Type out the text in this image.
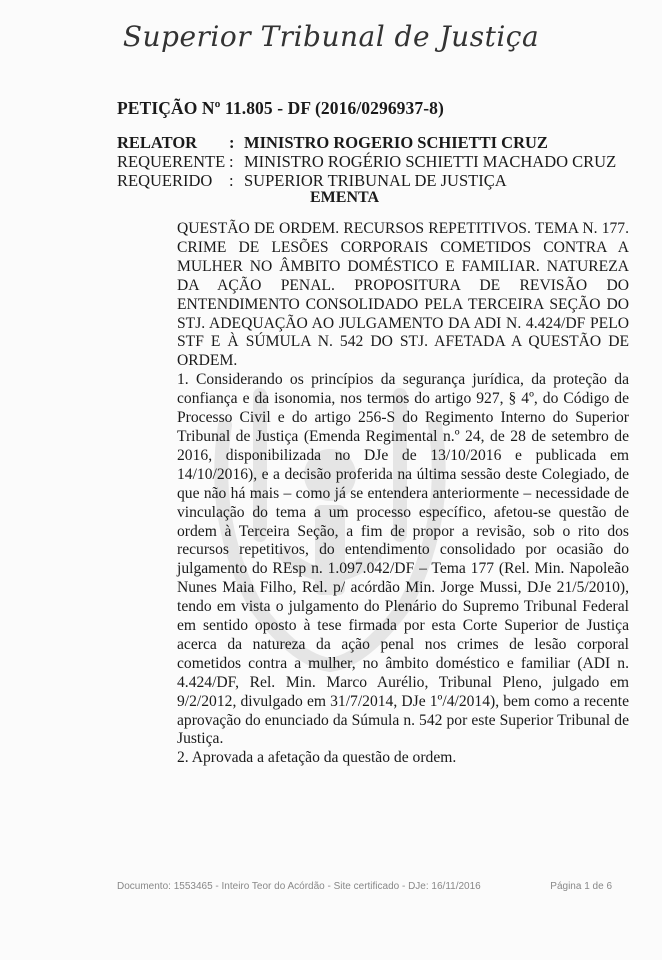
Superior Tribunal de Justiça
PETIÇÃO Nº 11.805 - DF (2016/0296937-8)
RELATOR	: MINISTRO ROGERIO SCHIETTI CRUZ
REQUERENTE : MINISTRO ROGÉRIO SCHIETTI MACHADO CRUZ
REQUERIDO	: SUPERIOR TRIBUNAL DE JUSTIÇA
EMENTA

QUESTÃO DE ORDEM. RECURSOS REPETITIVOS. TEMA N. 177. CRIME DE LESÕES CORPORAIS COMETIDOS CONTRA A MULHER NO ÂMBITO DOMÉSTICO E FAMILIAR. NATUREZA DA AÇÃO PENAL. PROPOSITURA DE REVISÃO DO ENTENDIMENTO CONSOLIDADO PELA TERCEIRA SEÇÃO DO STJ. ADEQUAÇÃO AO JULGAMENTO DA ADI N. 4.424/DF PELO STF E À SÚMULA N. 542 DO STJ. AFETADA A QUESTÃO DE ORDEM.

1. Considerando os princípios da segurança jurídica, da proteção da confiança e da isonomia, nos termos do artigo 927, § 4º, do Código de Processo Civil e do artigo 256-S do Regimento Interno do Superior Tribunal de Justiça (Emenda Regimental n.º 24, de 28 de setembro de 2016, disponibilizada no DJe de 13/10/2016 e publicada em 14/10/2016), e a decisão proferida na última sessão deste Colegiado, de que não há mais – como já se entendera anteriormente – necessidade de vinculação do tema a um processo específico, afetou-se questão de ordem à Terceira Seção, a fim de propor a revisão, sob o rito dos recursos repetitivos, do entendimento consolidado por ocasião do julgamento do REsp n. 1.097.042/DF – Tema 177 (Rel. Min. Napoleão Nunes Maia Filho, Rel. p/ acórdão Min. Jorge Mussi, DJe 21/5/2010), tendo em vista o julgamento do Plenário do Supremo Tribunal Federal em sentido oposto à tese firmada por esta Corte Superior de Justiça acerca da natureza da ação penal nos crimes de lesão corporal cometidos contra a mulher, no âmbito doméstico e familiar (ADI n. 4.424/DF, Rel. Min. Marco Aurélio, Tribunal Pleno, julgado em 9/2/2012, divulgado em 31/7/2014, DJe 1º/4/2014), bem como a recente aprovação do enunciado da Súmula n. 542 por este Superior Tribunal de Justiça.

2. Aprovada a afetação da questão de ordem.

Documento: 1553465 - Inteiro Teor do Acórdão - Site certificado - DJe: 16/11/2016	Página 1 de 6
